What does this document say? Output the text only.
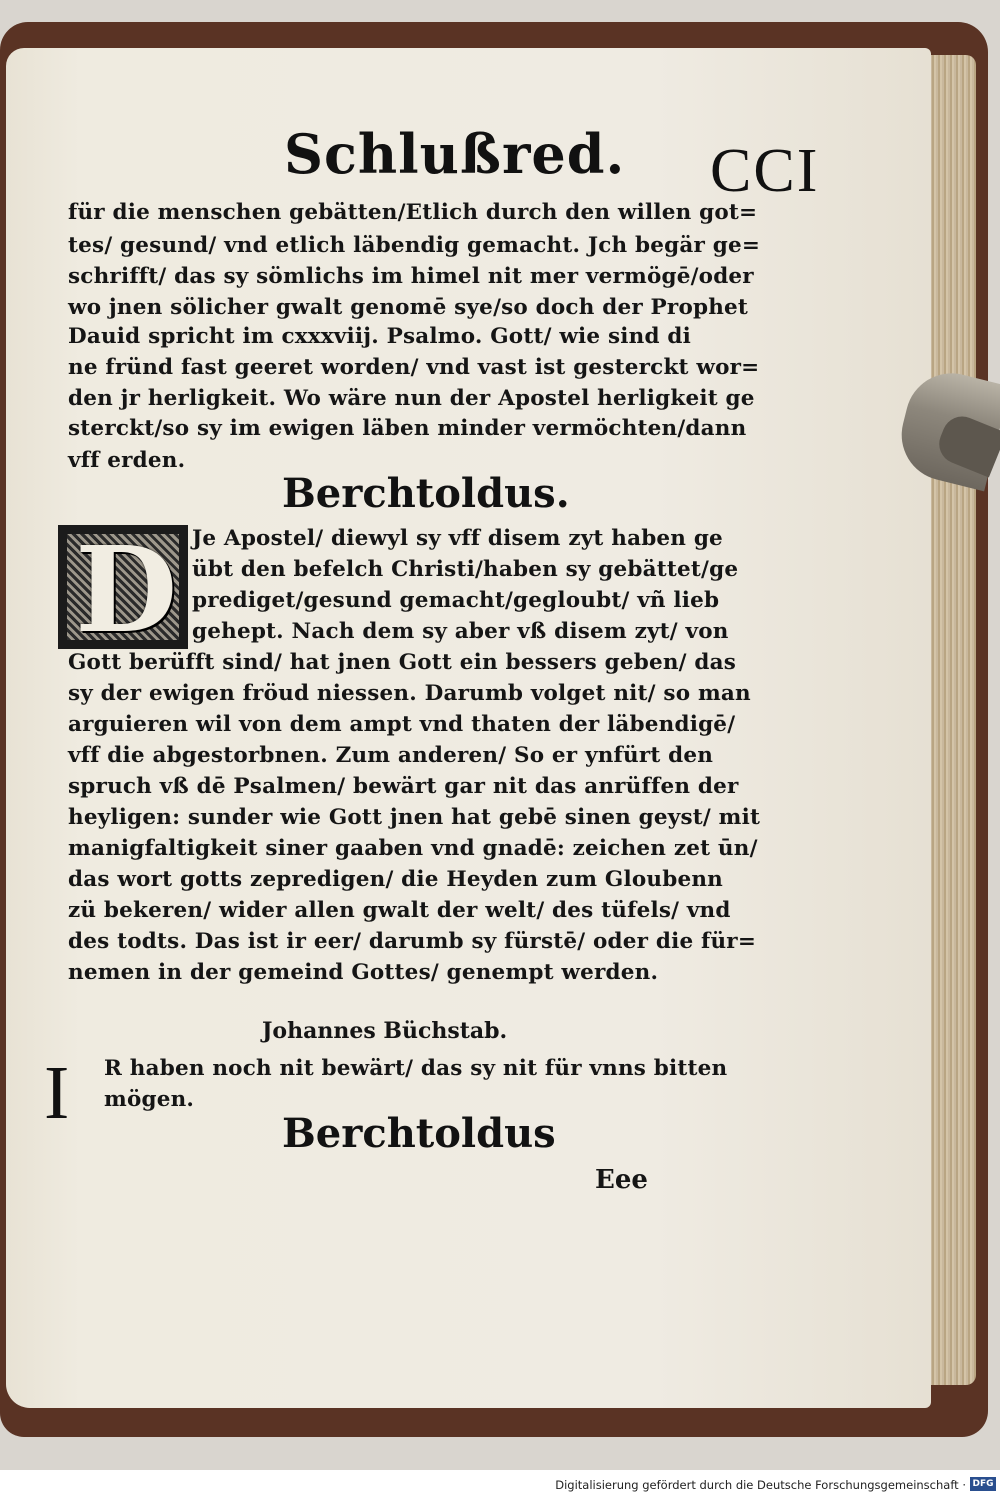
Schlußred. CCI
für die menschen gebätten/Etlich durch den willen got=
tes/ gesund/ vnd etlich läbendig gemacht. Jch begär ge=
schrifft/ das sy sömlichs im himel nit mer vermögē/oder
wo jnen sölicher gwalt genomē sye/so doch der Prophet
Dauid spricht im cxxxviij. Psalmo. Gott/ wie sind di
ne fründ fast geeret worden/ vnd vast ist gesterckt wor=
den jr herligkeit. Wo wäre nun der Apostel herligkeit ge
sterckt/so sy im ewigen läben minder vermöchten/dann
vff erden.
Berchtoldus.
D Je Apostel/ diewyl sy vff disem zyt haben ge
übt den befelch Christi/haben sy gebättet/ge
prediget/gesund gemacht/gegloubt/ vñ lieb
gehept. Nach dem sy aber vß disem zyt/ von
Gott berüfft sind/ hat jnen Gott ein bessers geben/ das
sy der ewigen fröud niessen. Darumb volget nit/ so man
arguieren wil von dem ampt vnd thaten der läbendigē/
vff die abgestorbnen. Zum anderen/ So er ynfürt den
spruch vß dē Psalmen/ bewärt gar nit das anrüffen der
heyligen: sunder wie Gott jnen hat gebē sinen geyst/ mit
manigfaltigkeit siner gaaben vnd gnadē: zeichen zet ūn/
das wort gotts zepredigen/ die Heyden zum Gloubenn
zü bekeren/ wider allen gwalt der welt/ des tüfels/ vnd
des todts. Das ist ir eer/ darumb sy fürstē/ oder die für=
nemen in der gemeind Gottes/ genempt werden.
Johannes Büchstab.
I R haben noch nit bewärt/ das sy nit für vnns bitten
mögen.
Berchtoldus
Eee
Digitalisierung gefördert durch die Deutsche Forschungsgemeinschaft · DFG
